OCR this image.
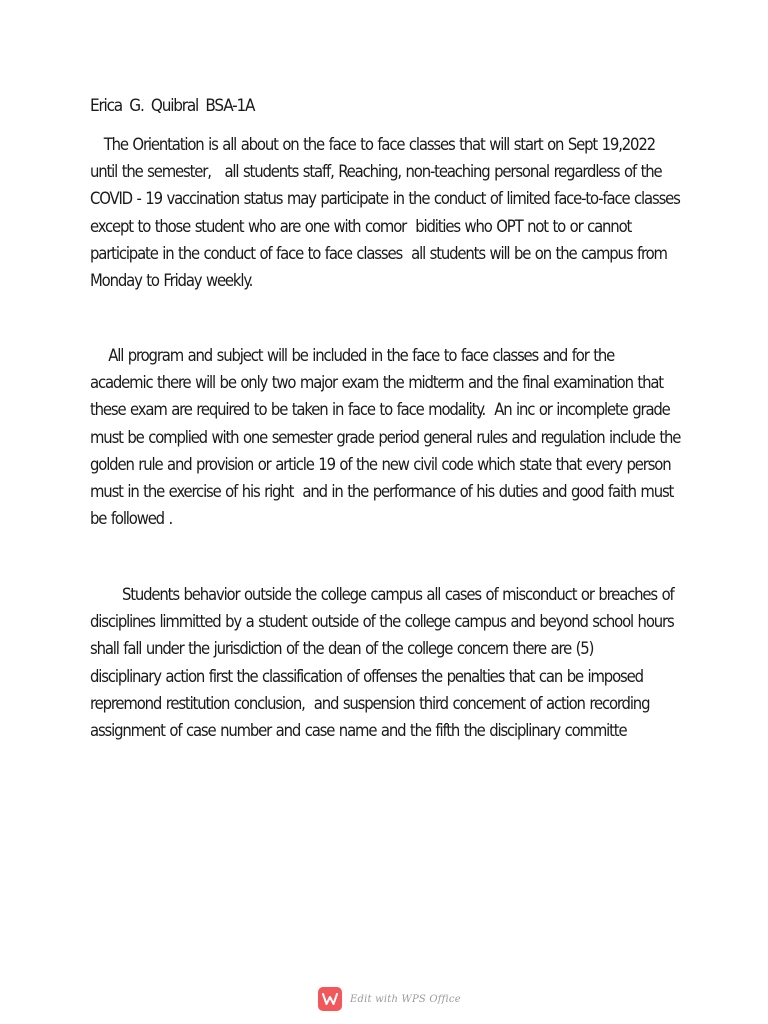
Erica  G.  Quibral  BSA-1A
The Orientation is all about on the face to face classes that will start on Sept 19,2022
until the semester,   all students staff, Reaching, non-teaching personal regardless of the
COVID - 19 vaccination status may participate in the conduct of limited face-to-face classes
except to those student who are one with comor  bidities who OPT not to or cannot
participate in the conduct of face to face classes  all students will be on the campus from
Monday to Friday weekly.
All program and subject will be included in the face to face classes and for the
academic there will be only two major exam the midterm and the final examination that
these exam are required to be taken in face to face modality.  An inc or incomplete grade
must be complied with one semester grade period general rules and regulation include the
golden rule and provision or article 19 of the new civil code which state that every person
must in the exercise of his right  and in the performance of his duties and good faith must
be followed .
Students behavior outside the college campus all cases of misconduct or breaches of
disciplines limmitted by a student outside of the college campus and beyond school hours
shall fall under the jurisdiction of the dean of the college concern there are (5)
disciplinary action first the classification of offenses the penalties that can be imposed
repremond restitution conclusion,  and suspension third concement of action recording
assignment of case number and case name and the fifth the disciplinary committe
Edit with WPS Office
